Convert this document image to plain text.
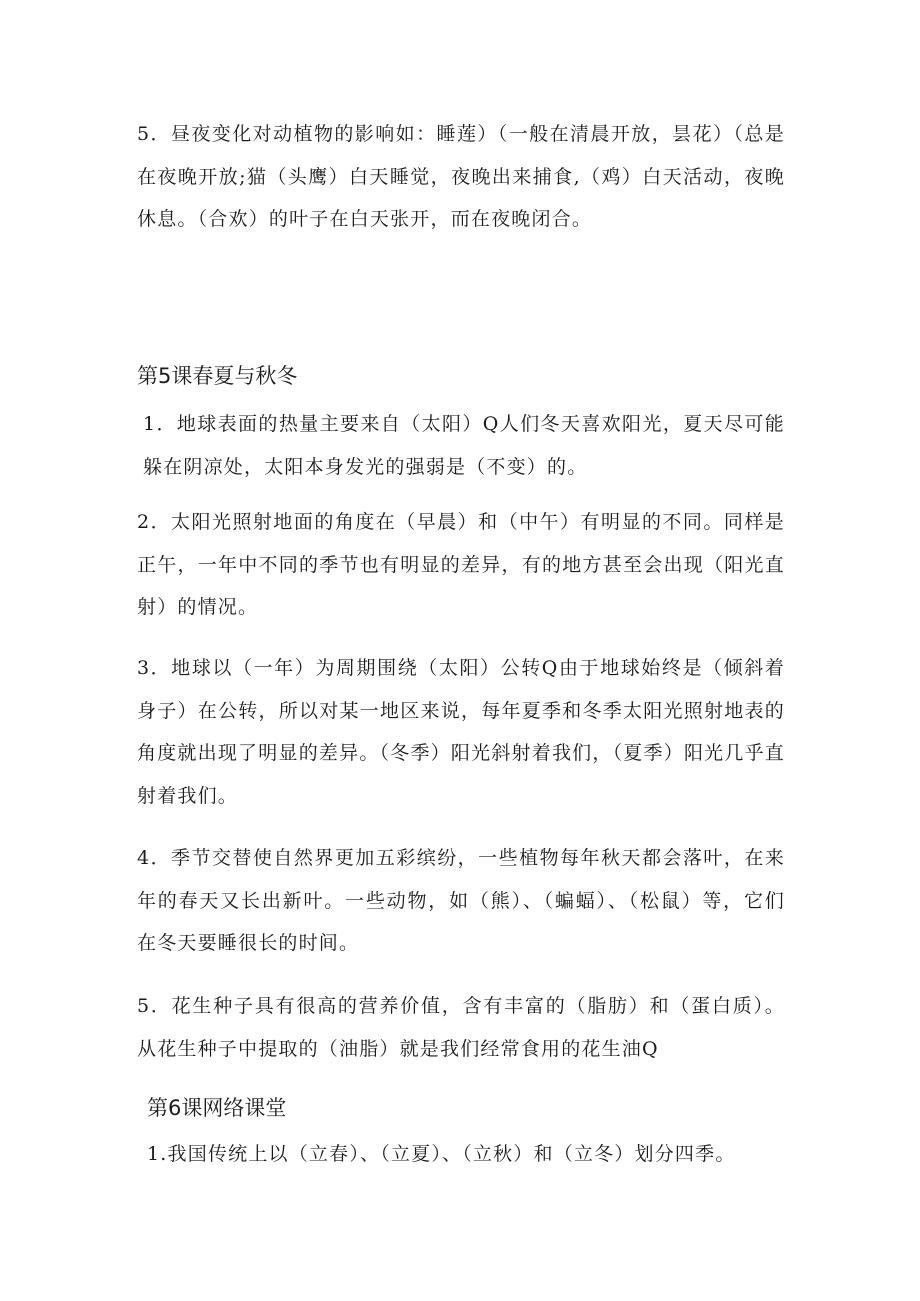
5．昼夜变化对动植物的影响如：睡莲）（一般在清晨开放，昙花）（总是在夜晚开放;猫（头鹰）白天睡觉，夜晚出来捕食,（鸡）白天活动，夜晚休息。（合欢）的叶子在白天张开，而在夜晚闭合。

第5课春夏与秋冬

1．地球表面的热量主要来自（太阳）Q人们冬天喜欢阳光，夏天尽可能躲在阴凉处，太阳本身发光的强弱是（不变）的。

2．太阳光照射地面的角度在（早晨）和（中午）有明显的不同。同样是正午，一年中不同的季节也有明显的差异，有的地方甚至会出现（阳光直射）的情况。

3．地球以（一年）为周期围绕（太阳）公转Q由于地球始终是（倾斜着身子）在公转，所以对某一地区来说，每年夏季和冬季太阳光照射地表的角度就出现了明显的差异。（冬季）阳光斜射着我们，（夏季）阳光几乎直射着我们。

4．季节交替使自然界更加五彩缤纷，一些植物每年秋天都会落叶，在来年的春天又长出新叶。一些动物，如（熊）、（蝙蝠）、（松鼠）等，它们在冬天要睡很长的时间。

5．花生种子具有很高的营养价值，含有丰富的（脂肪）和（蛋白质）。从花生种子中提取的（油脂）就是我们经常食用的花生油Q

第6课网络课堂

1.我国传统上以（立春）、（立夏）、（立秋）和（立冬）划分四季。
